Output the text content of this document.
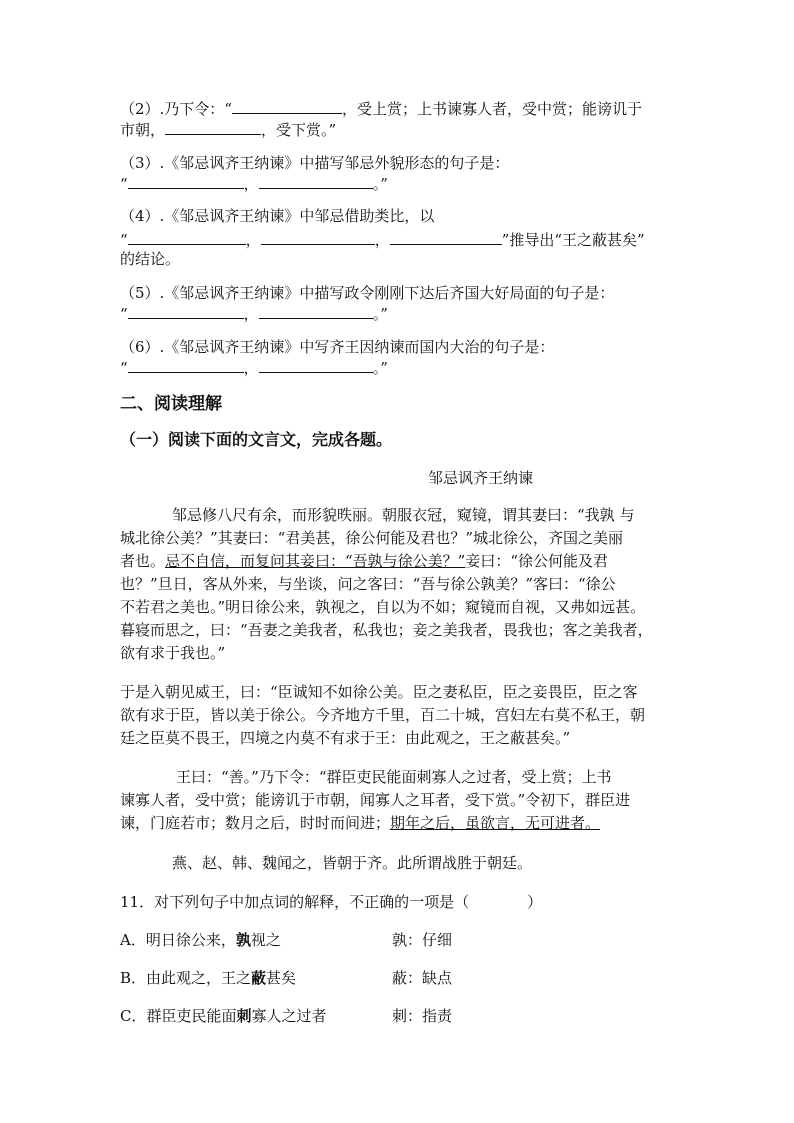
（2）.乃下令：“	，受上赏；上书谏寡人者，受中赏；能谤讥于
市朝，	，受下赏。”
（3）.《邹忌讽齐王纳谏》中描写邹忌外貌形态的句子是：
“	，	。”
（4）.《邹忌讽齐王纳谏》中邹忌借助类比，以
“	，	，	”推导出“王之蔽甚矣”
的结论。
（5）.《邹忌讽齐王纳谏》中描写政令刚刚下达后齐国大好局面的句子是：
“	，	。”
（6）.《邹忌讽齐王纳谏》中写齐王因纳谏而国内大治的句子是：
“	，	。”
二、阅读理解
（一）阅读下面的文言文，完成各题。
邹忌讽齐王纳谏
邹忌修八尺有余，而形貌昳丽。朝服衣冠，窥镜，谓其妻曰：“我孰 与
城北徐公美？”其妻曰：“君美甚，徐公何能及君也？”城北徐公，齐国之美丽
者也。忌不自信，而复问其妾曰：“吾孰与徐公美？”妾曰：“徐公何能及君
也？”旦日，客从外来，与坐谈，问之客曰：“吾与徐公孰美？”客曰：“徐公
不若君之美也。”明日徐公来，孰视之，自以为不如；窥镜而自视，又弗如远甚。
暮寝而思之，曰：“吾妻之美我者，私我也；妾之美我者，畏我也；客之美我者，
欲有求于我也。”
于是入朝见威王，曰：“臣诚知不如徐公美。臣之妻私臣，臣之妾畏臣，臣之客
欲有求于臣，皆以美于徐公。今齐地方千里，百二十城，宫妇左右莫不私王，朝
廷之臣莫不畏王，四境之内莫不有求于王：由此观之，王之蔽甚矣。”
王曰：“善。”乃下令：“群臣吏民能面刺寡人之过者，受上赏；上书
谏寡人者，受中赏；能谤讥于市朝，闻寡人之耳者，受下赏。”令初下，群臣进
谏，门庭若市；数月之后，时时而间进；期年之后，虽欲言，无可进者。
燕、赵、韩、魏闻之，皆朝于齐。此所谓战胜于朝廷。
11．对下列句子中加点词的解释，不正确的一项是（	）
A．明日徐公来，孰视之	孰：仔细
B．由此观之，王之蔽甚矣	蔽：缺点
C．群臣吏民能面刺寡人之过者	刺：指责
